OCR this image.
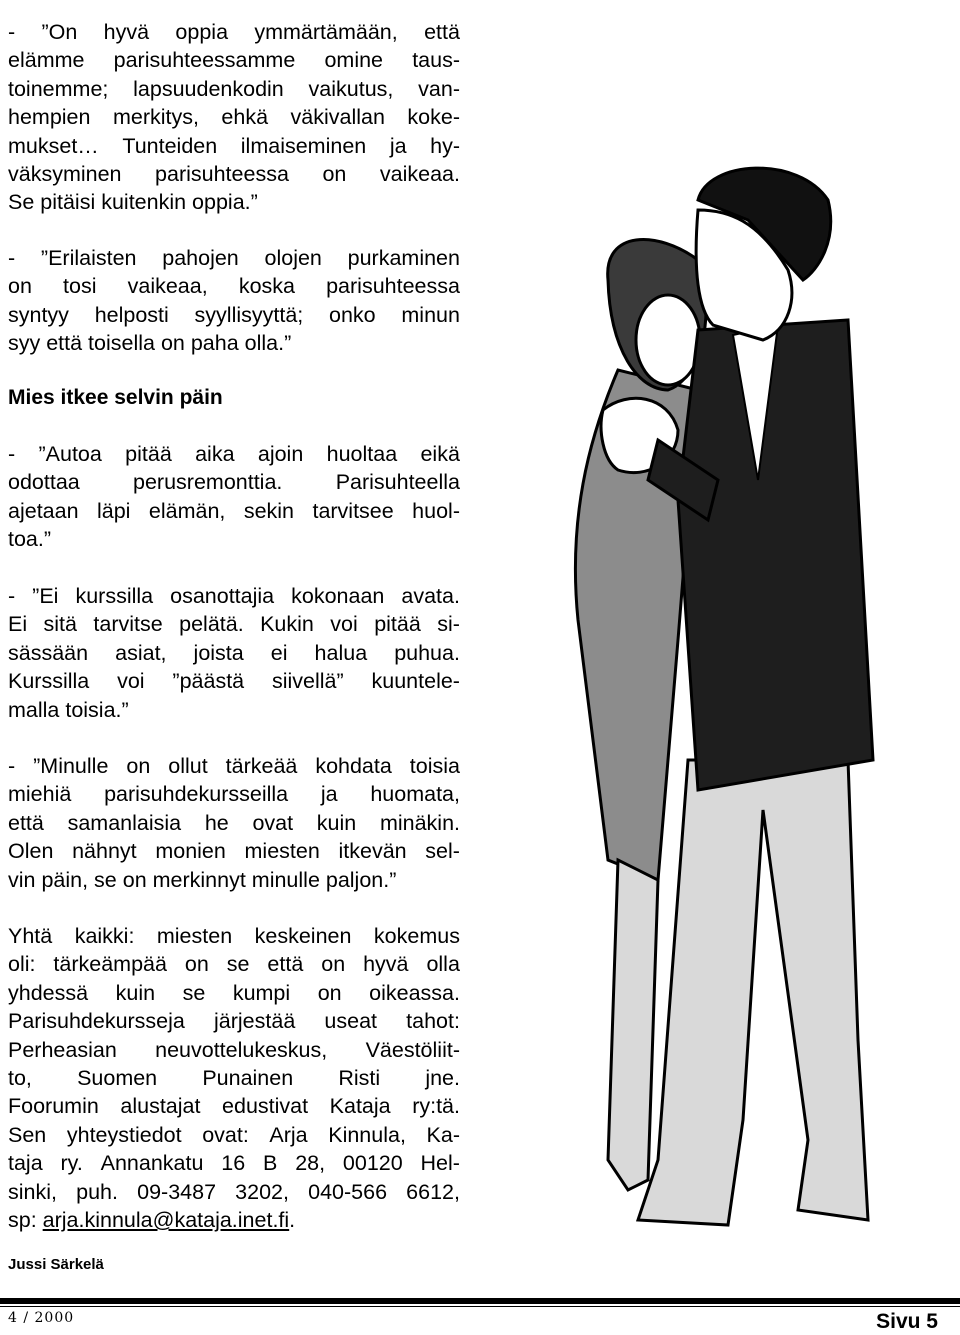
- ”On hyvä oppia ymmärtämään, että
elämme parisuhteessamme omine taus-
toinemme; lapsuudenkodin vaikutus, van-
hempien merkitys, ehkä väkivallan koke-
mukset… Tunteiden ilmaiseminen ja hy-
väksyminen parisuhteessa on vaikeaa.
Se pitäisi kuitenkin oppia.”
- ”Erilaisten pahojen olojen purkaminen
on tosi vaikeaa, koska parisuhteessa
syntyy helposti syyllisyyttä; onko minun
syy että toisella on paha olla.”
Mies itkee selvin päin
- ”Autoa pitää aika ajoin huoltaa eikä
odottaa perusremonttia. Parisuhteella
ajetaan läpi elämän, sekin tarvitsee huol-
toa.”
- ”Ei kurssilla osanottajia kokonaan avata.
Ei sitä tarvitse pelätä. Kukin voi pitää si-
sässään asiat, joista ei halua puhua.
Kurssilla voi ”päästä siivellä” kuuntele-
malla toisia.”
- ”Minulle on ollut tärkeää kohdata toisia
miehiä parisuhdekursseilla ja huomata,
että samanlaisia he ovat kuin minäkin.
Olen nähnyt monien miesten itkevän sel-
vin päin, se on merkinnyt minulle paljon.”
Yhtä kaikki: miesten keskeinen kokemus
oli: tärkeämpää on se että on hyvä olla
yhdessä kuin se kumpi on oikeassa.
Parisuhdekursseja järjestää useat tahot:
Perheasian neuvottelukeskus, Väestöliit-
to, Suomen Punainen Risti jne.
Foorumin alustajat edustivat Kataja ry:tä.
Sen yhteystiedot ovat: Arja Kinnula, Ka-
taja ry. Annankatu 16 B 28, 00120 Hel-
sinki, puh. 09-3487 3202, 040-566 6612,
sp: arja.kinnula@kataja.inet.fi.
Jussi Särkelä
4 / 2000	Sivu 5
